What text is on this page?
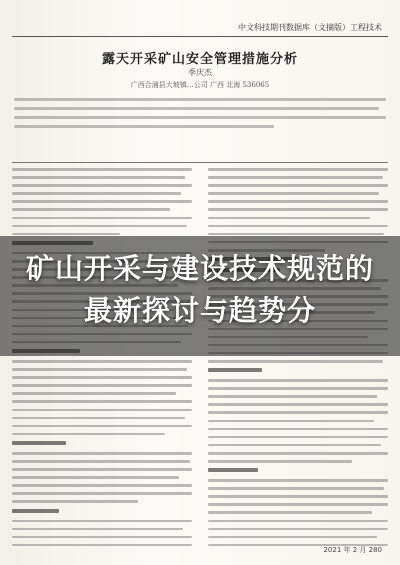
中文科技期刊数据库（文摘版）工程技术
露天开采矿山安全管理措施分析
季庆杰
广西合浦县大坡镇…公司 广西 北海 536065
矿山开采与建设技术规范的最新探讨与趋势分
2021 年 2 月 280
